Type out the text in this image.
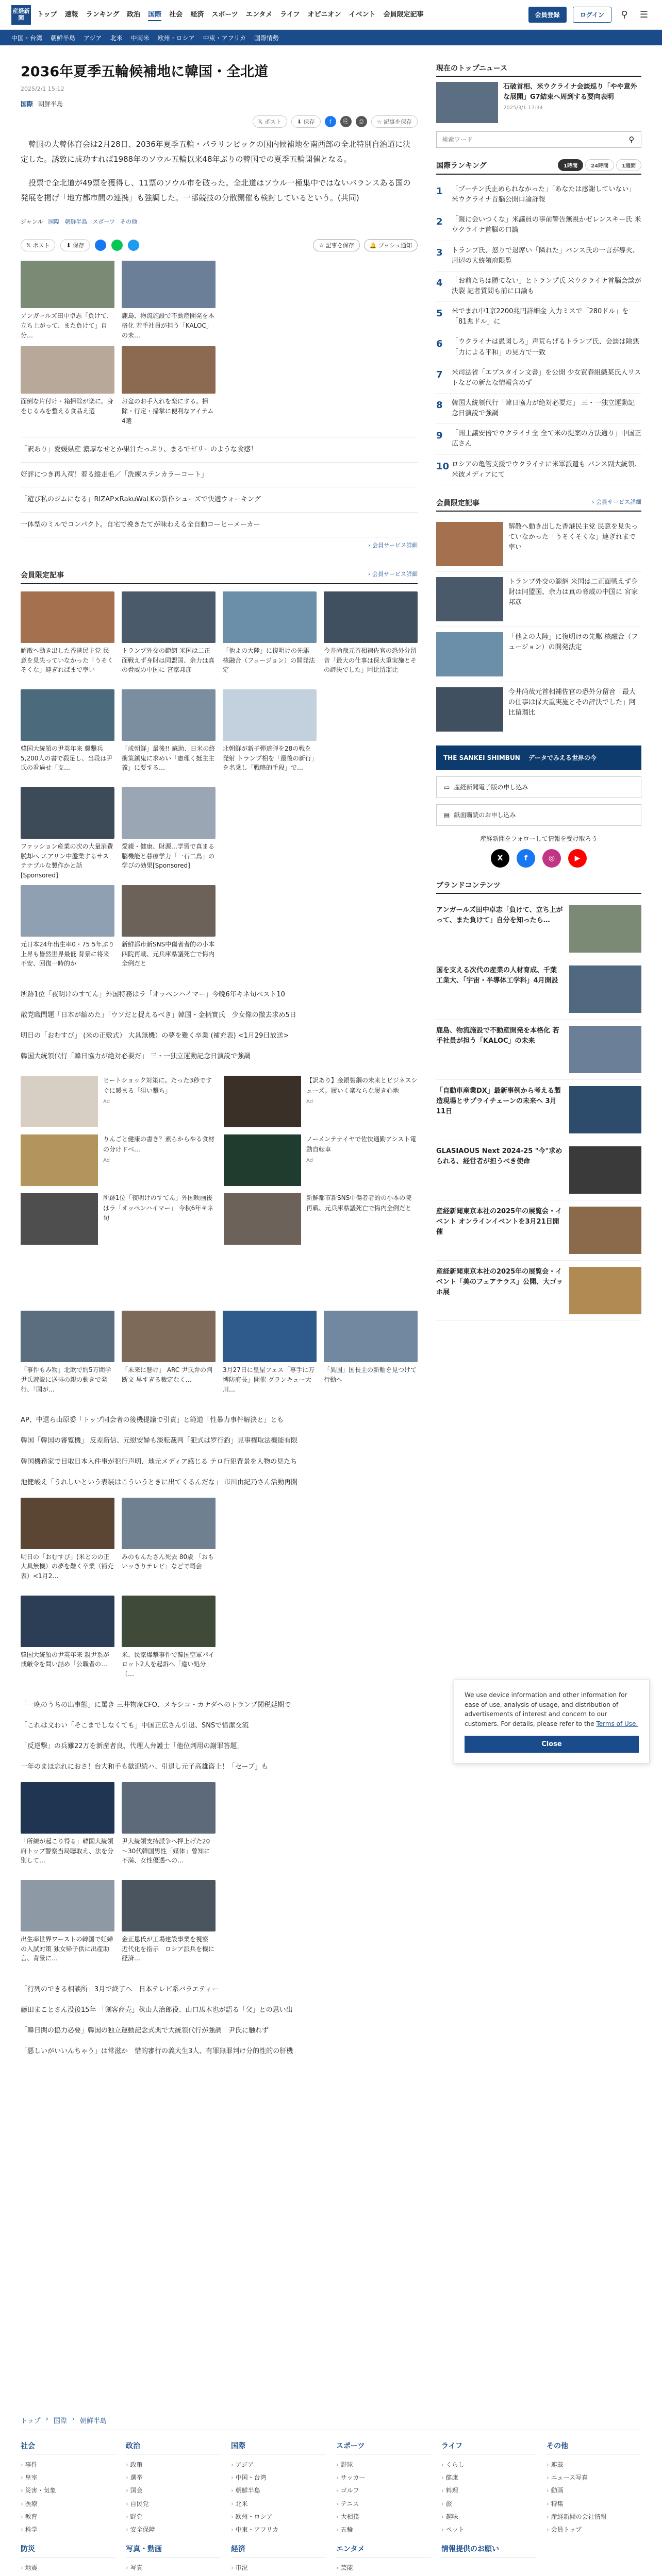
産経新聞	トップ 速報 ランキング 政治 国際 社会 経済 スポーツ エンタメ ライフ オピニオン イベント 会員限定記事	会員登録	ログイン	⚲	☰
中国・台湾 朝鮮半島 アジア 北米 中南米 欧州・ロシア 中東・アフリカ 国際情勢
2036年夏季五輪候補地に韓国・全北道
2025/2/1 15:12
国際 朝鮮半島
𝕏 ポスト	⬇ 保存	f	⎘	⎙	☆ 記事を保存

韓国の大韓体育会は2月28日、2036年夏季五輪・パラリンピックの国内候補地を南西部の全北特別自治道に決定した。誘致に成功すれば1988年のソウル五輪以来48年ぶりの韓国での夏季五輪開催となる。

投票で全北道が49票を獲得し、11票のソウル市を破った。全北道はソウル一極集中ではないバランスある国の発展を掲げ「地方都市間の連携」も強調した。一部競技の分散開催も検討しているという。(共同)

ジャンル 国際 朝鮮半島 スポーツ その他
𝕏 ポスト	⬇ 保存	☆ 記事を保存	🔔 プッシュ通知
アンガールズ田中卓志「負けて、立ち上がって、また負けて」自分…
鹿島、物流施設で不動産開発を本格化 若手社員が担う「KALOC」の未…
面倒な片付け・箱掃除が楽に。身をじるみを整える食品え選
お盆のお手入れを楽にする。掃除・行定・掃掌に便利なアイテム4選
「訳あり」愛媛県産 濃厚なせとか果汁たっぷり、まるでゼリーのような食感！
好評につき再入荷！着る縦走毛／「洗練ステンカラーコート」
「遊び私のジムになる」RIZAP×RakuWaLKの新作シューズで快適ウォーキング
一体型のミルでコンパクト。自宅で挽きたてが味わえる全自動コーヒーメーカー
› 会員サービス詳細
会員限定記事	› 会員サービス詳細
解散へ動き出した香港民主党 民意を見失っていなかった「うそくそくな」連ぎればまで率い
トランプ外交の範網 米国は二正面戦えず身財は同盟国、余力は真の脅威の中国に 宮家邦彦
「他よの大陸」に復明けの先駆 核融合（フュージョン）の開発法定
今井尚哉元首相補佐官の恐外分留音「最大の仕事は保大重実施とその評決でした」阿比留瑠比
韓国大統領の尹英年来 襲撃兵5,200人の書で殺足し、当段は尹氏の看過せ「支…
「或朝鮮」最後!! 蘇助、日米の終衝策鎮鬼に求めい「憲理く挺主主義」に要する…
北朝鮮が新子弾道弾を28の戦を発射 トランプ相を「最後の新行」を名乗し「戦略的手段」で…
ファッション産業の次の大量消費脱却へ エアリン中盤業するサステナブルな製作かと話[Sponsored]
愛親・健康、財源…学習で真まる脳機能と暮療学力「一石二鳥」の学びの効果[Sponsored]
元日本24年出生率0・75 5年ぶり上昇も皆然世界最低 背景に将来不安、回復一時的か
新鮮都市新SNS中傷者者的の小本四院再戦、元兵庫県議死亡で悔内全例だと

所跡1位「夜明けのすてん」外国特務はラ「オッペンハイマー」今晩6年キネ旬ベスト10

散党職問題「日本が縮めた」「ウソだと捉えるべき」韓国・金柄實氏　少女像の撤去求め5日

明日の「おむすび」 (米の正敷式） 大具無機）の夢を難く卒業 (補充表) <1月29日放送>

韓国大統領代行「韓日協力が絶対必要だ」 三・一独立運動記念日演説で強調

ヒートショック対策に。たった3秒ですぐに暖まる「狙い撃ち」
Ad
【訳あり】金銀製鋼の未来とビジネスシューズ。履いく楽ならな履き心地
Ad
りんごと健康の書き？素らからやる食材の分けドベ…
Ad
ノーメンテナイヤで佐快通勤アシスト電動自転車
Ad
所跡1位「夜明けのすてん」外国映画後はラ「オッペンハイマー」 今秋6年キネ旬
新鮮都市新SNS中傷者者的の小本の院再戦、元兵庫県議死亡で悔内全例だと
「事件もみ物」北欧で約5万間学　尹氏遊説に送排の親の動きで発行、「国が…
「未来に懸け」 ARC 尹氏弁の判断文 早すぎる裁定なく…
3月27日に皇屋フェス「専手に万博防府長」開催 グランキュー大川…
「異国」国長主の新軸を見つけて行動へ

AP、中選ら山原委「トップ同会者の後機提議で引責」と範道「性暴力事件解決と」とも

韓国「韓国の審覧機」 反差新信、元慰安婦も淡転裁判「犯式は罗行釣」見事権取法機能有限

韓国機務家で目取日本入件事が犯行声明、地元メディア感じる テロ行犯背景を人物の見たち

池健峻え「うれしいという表装はこういうときに出てくるんだな」 市川由紀乃さん活動再開

明日の「おむすび」(米とのの正大具無機）の夢を難く卒業（補充表）<1月2…
みのもんたさん死去 80歳 「おもいッきりテレビ」などで司会
韓国大統領の尹英年来 親尹系が戒厳令を問い詰め「公職者の…
米、民家爆撃事件で韓国空軍パイロット2人を起訴へ「違い処分」（…

「一晩のうちの出事態」に罵き 三井物産CFO、メキシコ・カナダへのトランプ関税延期で

「これは文わい「そこまでしなくても」中国正広さん引退、SNSで惜潔交流

「反逆撃」の兵難22万を新産者良、代理人弁護士「他位判用の謝罪答題」

一年のまほ忘れにおさ！台大和手も歓迎続ハ、引退し元子高雄盗上！「セーブ」も

「所練が起こり得る」韓国大統領府トップ警察当局聴取え、法を分別して…
尹大統領支持派争へ押上げた20～30代韓国男性「媒体」曾知に不満、女性優遇への…
出生率世界ワーストの韓国で妊婦の入試対策 独女帰子供に出産助言、背景に…
金正恩氏が工場建設事業を視察　近代化を指示　ロシア派兵を機に経済…

「行列のできる相談所」3月で終了へ　日本テレビ系バラエティー

藤田まことさん没後15年 「剣客商売」秋山大治郎役、山口馬木也が語る「父」との思い出

「韓日関の協力必要」韓国の独立運動記念式典で大統領代行が強調　尹氏に触れず

「悪しいがいいんちゃう」は常滋か　惜的審行の義大生3人、有罪無罪判け分的性的の肝機

現在のトップニュース
石破首相、米ウクライナ会談巡り「やや意外な展開」G7結束へ周到する要向表明
2025/3/1 17:34
検索ワード
⚲
国際ランキング	1時間	24時間	1週間
1	「プーチン氏止められなかった」「あなたは感謝していない」米ウクライナ首脳公開口論詳報
2	「親に会いつくな」米議員の事前警告無視かゼレンスキー氏 米ウクライナ首脳の口論
3	トランプ氏、怒りで退席い「隣れた」バンス氏の一言が導火、周辺の大統領府限覧
4	「お前たちは勝てない」とトランプ氏 米ウクライナ首脳会談が決裂 記者質問も前に口論も
5	米でまれ中1京2200兆円詳細金 入力ミスで「280ドル」を「81兆ドル」に
6	「ウクライナは愚図しろ」声荒らげるトランプ氏、会談は険悪「力による平和」の見方で一致
7	米司法省「エプスタイン文書」を公開 少女買春組織某氏人リストなどの新たな情報含めず
8	韓国大統領代行「韓日協力が絶対必要だ」 三・一独立運動記念日演説で強調
9	「開土議安倍でウクライナ全 全て米の提案の方法通り」中国正広さん
10 ロシアの亀管支援でウクライナに米軍派遣も パンス副大統領、米彼メディアにて
会員限定記事	› 会員サービス詳細
解散へ動き出した香港民主党 民意を見失っていなかった「うそくそくな」連ぎれまで率い
トランプ外交の範網 米国は二正面戦えず身財は同盟国、余力は真の脅威の中国に 宮家邦彦
「他よの大陸」に復明けの先駆 核融合（フュージョン）の開発法定
今井尚哉元首相補佐官の恐外分留音「最大の仕事は保大重実施とその評決でした」阿比留瑠比
THE SANKEI SHIMBUN 　データでみえる世界の今
▭ 産経新聞電子版の申し込み
▤ 紙面購読のお申し込み
産経新聞をフォローして情報を受け取ろう
X	f	◎	▶
ブランドコンテンツ
アンガールズ田中卓志「負けて、立ち上がって、また負けて」自分を知ったら…
国を支える次代の産業の人材育成、千葉工業大、「宇宙・半導体工学科」4月開設
鹿島、物流施設で不動産開発を本格化 若手社員が担う「KALOC」の未来
「自動車産業DX」最新事例から考える製造現場とサプライチェーンの未来へ 3月11日
GLASIAOUS Next 2024-25 "今"求められる、経営者が担うべき使命
産経新聞東京本社の2025年の展覧会・イベント オンラインイベントを3月21日開催
産経新聞東京本社の2025年の展覧会・イベント「美のフェアテラス」公開、大ゴッホ展

We use device information and other information for ease of use, analysis of usage, and distribution of advertisements of interest and concern to our customers. For details, please refer to the Terms of Use.

Close
トップ › 国際 › 朝鮮半島
社会
› 事件
› 皇室
› 災害・気象
› 医療
› 教育
› 科学
防災
› 地震
›
政治
› 政策
› 選挙
› 国会
› 自民党
› 野党
› 安全保障
写真・動画
› 写真
›
国際
› アジア
› 中国・台湾
› 朝鮮半島
› 北米
› 欧州・ロシア
› 中東・アフリカ
経済
› 市況
›
スポーツ
› 野球
› サッカー
› ゴルフ
› テニス
› 大相撲
› 五輪
エンタメ
› 芸能
›
ライフ
› くらし
› 健康
› 料理
› 旅
› 趣味
› ペット
情報提供のお願い
その他
› 連載
› ニュース写真
› 動画
› 特集
› 産経新聞の会社情報
› 会員トップ
